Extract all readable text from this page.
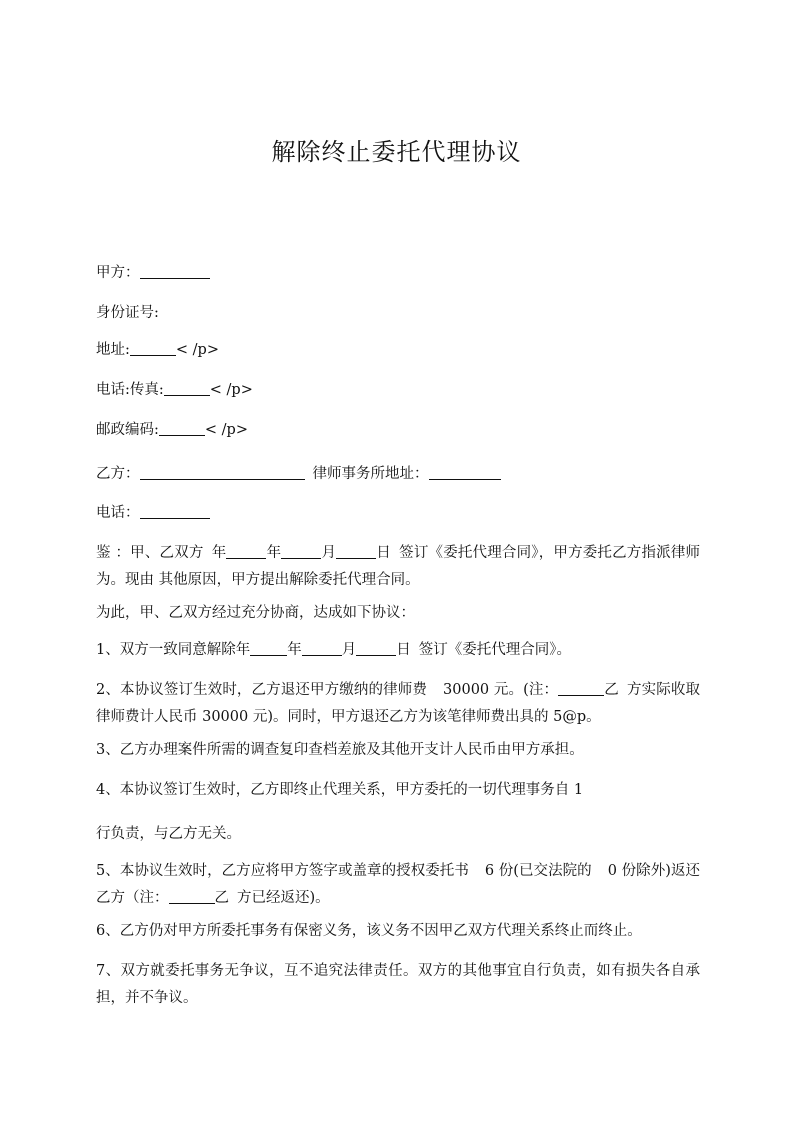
解除终止委托代理协议
甲方：
身份证号:
地址:	< /p>
电话:传真:	< /p>
邮政编码:	< /p>
乙方：	律师事务所地址：
电话：
鉴 ：甲、乙双方 年	年	月	日 签订《委托代理合同》，甲方委托乙方指派律师为。现由 其他原因，甲方提出解除委托代理合同。
为此，甲、乙双方经过充分协商，达成如下协议：
1、双方一致同意解除年	年	月	日 签订《委托代理合同》。
2、本协议签订生效时，乙方退还甲方缴纳的律师费 30000 元。(注：	乙 方实际收取律师费计人民币 30000 元)。同时，甲方退还乙方为该笔律师费出具的 5@p。
3、乙方办理案件所需的调查复印查档差旅及其他开支计人民币由甲方承担。
4、本协议签订生效时，乙方即终止代理关系，甲方委托的一切代理事务自 1
行负责，与乙方无关。
5、本协议生效时，乙方应将甲方签字或盖章的授权委托书 6 份(已交法院的 0 份除外)返还乙方（注：	乙 方已经返还)。
6、乙方仍对甲方所委托事务有保密义务，该义务不因甲乙双方代理关系终止而终止。
7、双方就委托事务无争议，互不追究法律责任。双方的其他事宜自行负责，如有损失各自承担，并不争议。
